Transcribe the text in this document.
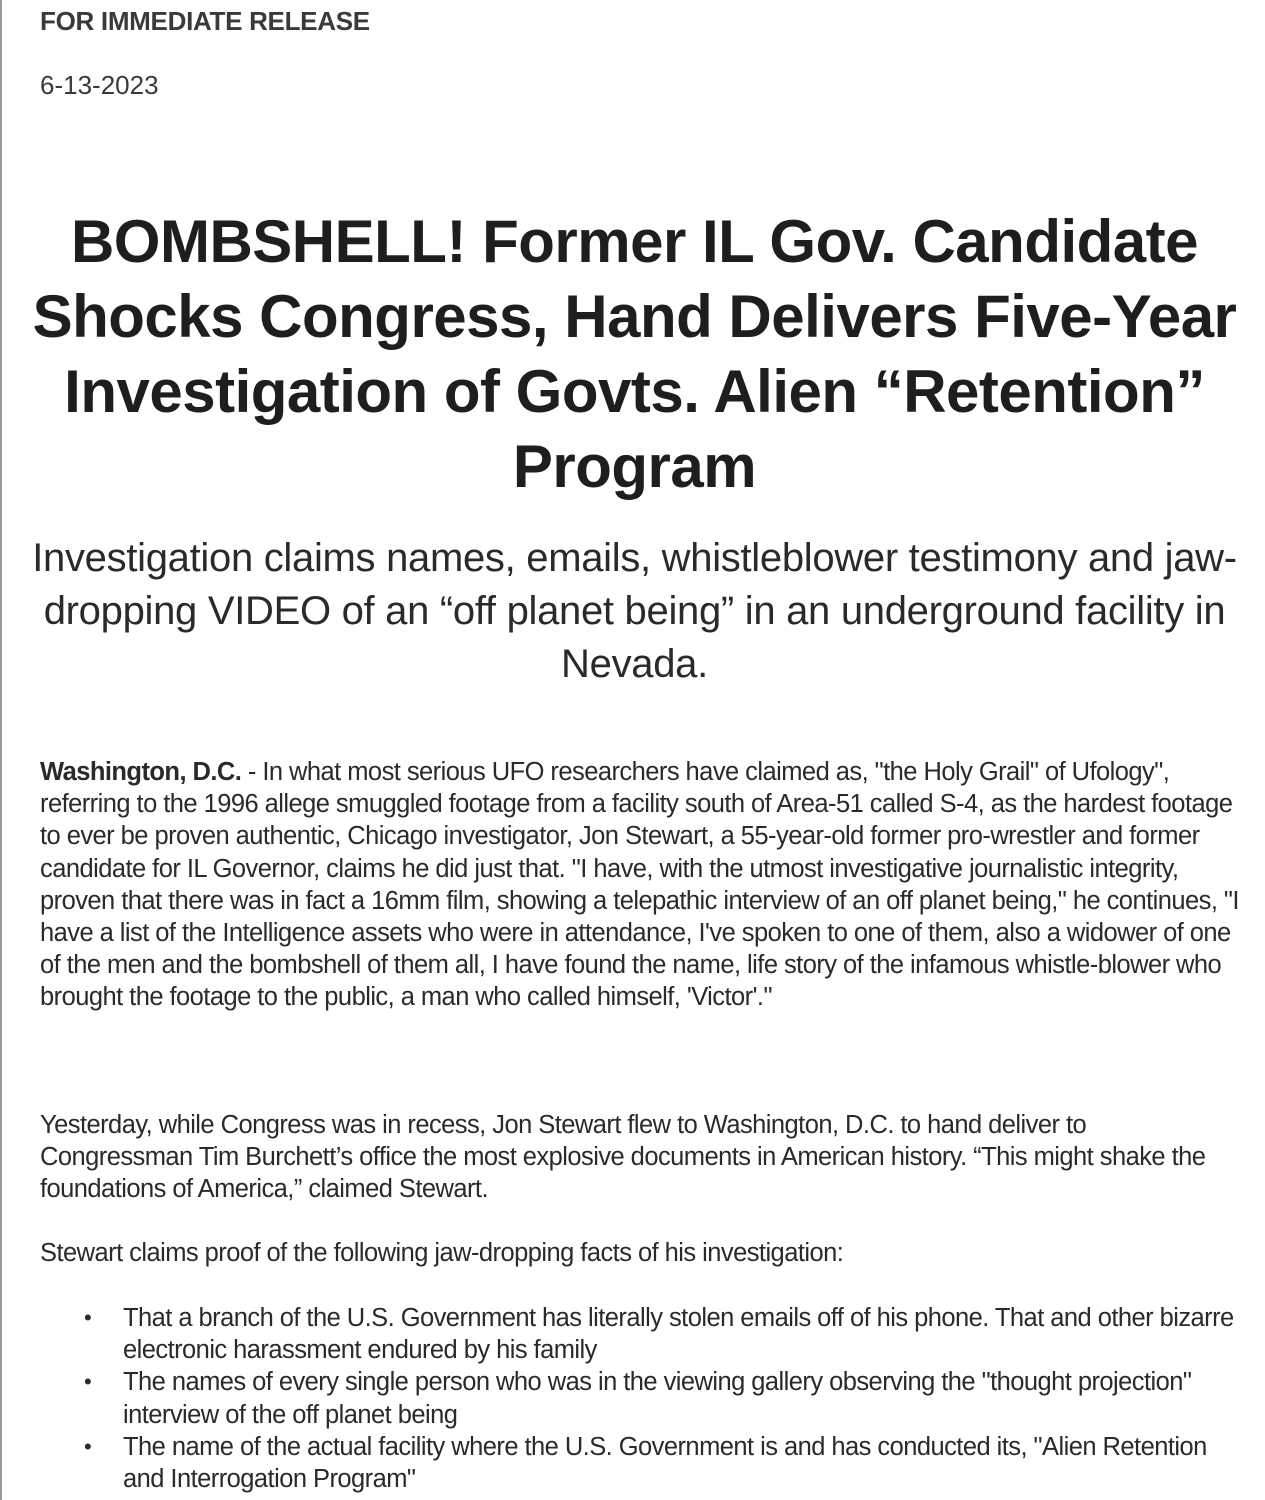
FOR IMMEDIATE RELEASE
6-13-2023
BOMBSHELL! Former IL Gov. Candidate Shocks Congress, Hand Delivers Five-Year Investigation of Govts. Alien “Retention” Program
Investigation claims names, emails, whistleblower testimony and jaw-dropping VIDEO of an “off planet being” in an underground facility in Nevada.

Washington, D.C. - In what most serious UFO researchers have claimed as, "the Holy Grail" of Ufology", referring to the 1996 allege smuggled footage from a facility south of Area-51 called S-4, as the hardest footage to ever be proven authentic, Chicago investigator, Jon Stewart, a 55-year-old former pro-wrestler and former candidate for IL Governor, claims he did just that. "I have, with the utmost investigative journalistic integrity, proven that there was in fact a 16mm film, showing a telepathic interview of an off planet being," he continues, "I have a list of the Intelligence assets who were in attendance, I've spoken to one of them, also a widower of one of the men and the bombshell of them all, I have found the name, life story of the infamous whistle-blower who brought the footage to the public, a man who called himself, 'Victor'."

Yesterday, while Congress was in recess, Jon Stewart flew to Washington, D.C. to hand deliver to Congressman Tim Burchett’s office the most explosive documents in American history. “This might shake the foundations of America,” claimed Stewart.

Stewart claims proof of the following jaw-dropping facts of his investigation:

• That a branch of the U.S. Government has literally stolen emails off of his phone. That and other bizarre electronic harassment endured by his family
• The names of every single person who was in the viewing gallery observing the "thought projection" interview of the off planet being
• The name of the actual facility where the U.S. Government is and has conducted its, "Alien Retention and Interrogation Program"
